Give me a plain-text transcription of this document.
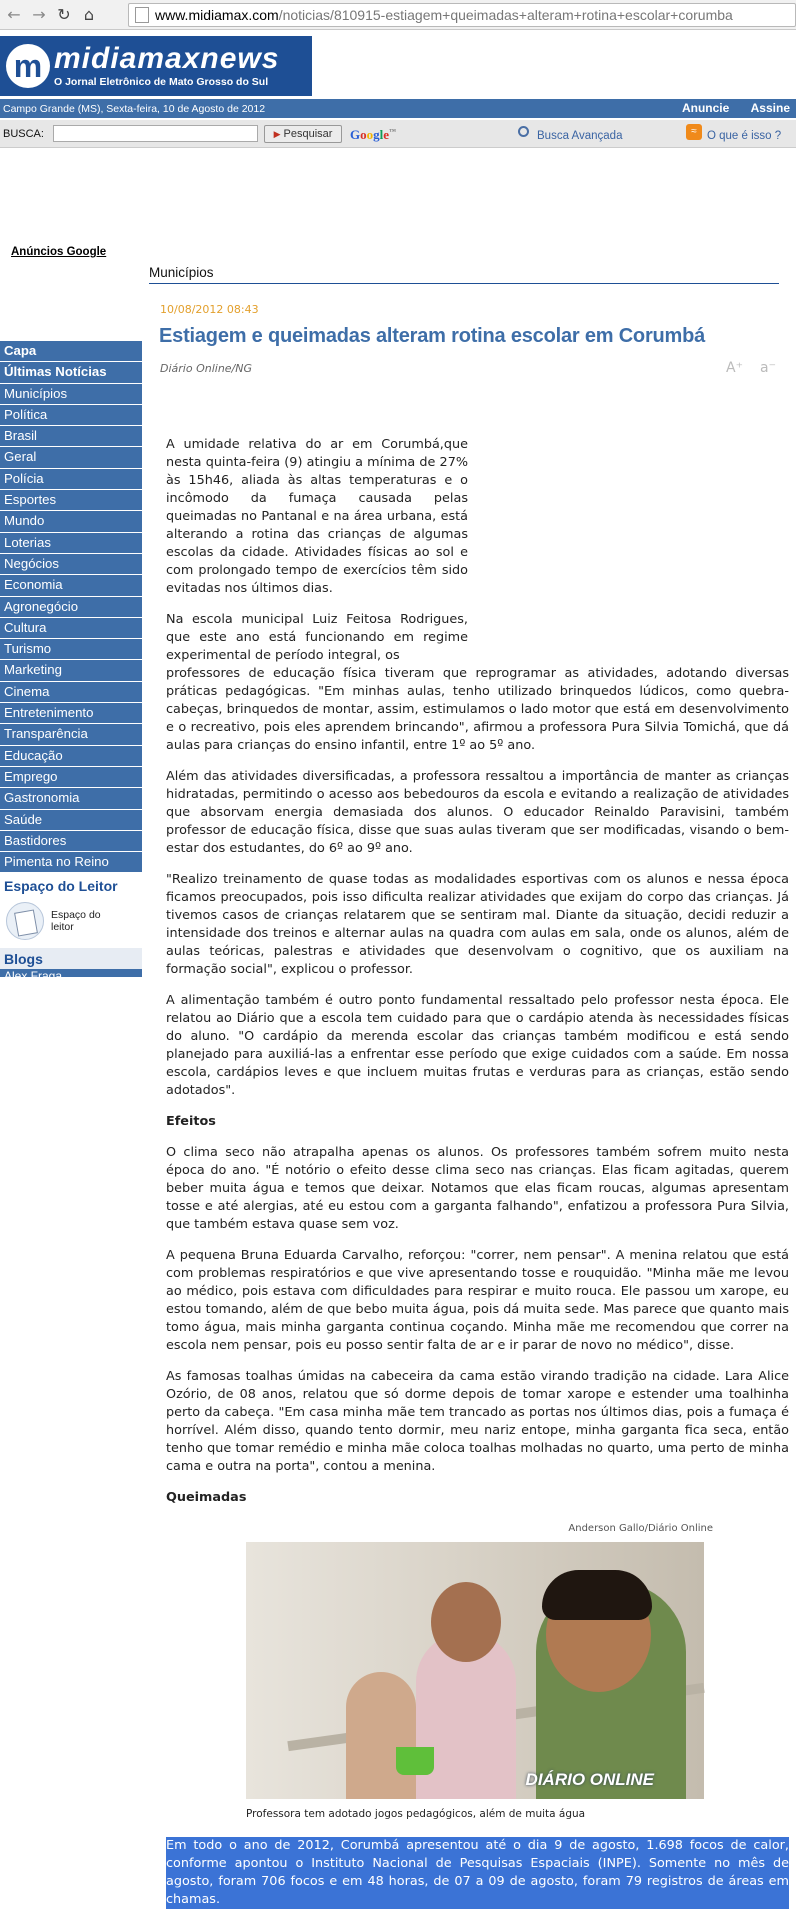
← → ↻ ⌂	www.midiamax.com /noticias/810915-estiagem+queimadas+alteram+rotina+escolar+corumba
m midiamaxnews
O Jornal Eletrônico de Mato Grosso do Sul
Campo Grande (MS), Sexta-feira, 10 de Agosto de 2012	Anuncie Assine
BUSCA:	▶ Pesquisar Google™	Busca Avançada	≈ O que é isso ?
Anúncios Google
Municípios
Capa
Últimas Notícias
Municípios
Política
Brasil
Geral
Polícia
Esportes
Mundo
Loterias
Negócios
Economia
Agronegócio
Cultura
Turismo
Marketing
Cinema
Entretenimento
Transparência
Educação
Emprego
Gastronomia
Saúde
Bastidores
Pimenta no Reino
Espaço do Leitor
Espaço do
leitor
Blogs
Alex Fraga
10/08/2012 08:43
Estiagem e queimadas alteram rotina escolar em Corumbá
Diário Online/NG	A⁺ a⁻

A umidade relativa do ar em Corumbá,que nesta quinta-feira (9) atingiu a mínima de 27% às 15h46, aliada às altas temperaturas e o incômodo da fumaça causada pelas queimadas no Pantanal e na área urbana, está alterando a rotina das crianças de algumas escolas da cidade. Atividades físicas ao sol e com prolongado tempo de exercícios têm sido evitadas nos últimos dias.

Na escola municipal Luiz Feitosa Rodrigues, que este ano está funcionando em regime experimental de período integral, os

professores de educação física tiveram que reprogramar as atividades, adotando diversas práticas pedagógicas. "Em minhas aulas, tenho utilizado brinquedos lúdicos, como quebra-cabeças, brinquedos de montar, assim, estimulamos o lado motor que está em desenvolvimento e o recreativo, pois eles aprendem brincando", afirmou a professora Pura Silvia Tomichá, que dá aulas para crianças do ensino infantil, entre 1º ao 5º ano.

Além das atividades diversificadas, a professora ressaltou a importância de manter as crianças hidratadas, permitindo o acesso aos bebedouros da escola e evitando a realização de atividades que absorvam energia demasiada dos alunos. O educador Reinaldo Paravisini, também professor de educação física, disse que suas aulas tiveram que ser modificadas, visando o bem-estar dos estudantes, do 6º ao 9º ano.

"Realizo treinamento de quase todas as modalidades esportivas com os alunos e nessa época ficamos preocupados, pois isso dificulta realizar atividades que exijam do corpo das crianças. Já tivemos casos de crianças relatarem que se sentiram mal. Diante da situação, decidi reduzir a intensidade dos treinos e alternar aulas na quadra com aulas em sala, onde os alunos, além de aulas teóricas, palestras e atividades que desenvolvam o cognitivo, que os auxiliam na formação social", explicou o professor.

A alimentação também é outro ponto fundamental ressaltado pelo professor nesta época. Ele relatou ao Diário que a escola tem cuidado para que o cardápio atenda às necessidades físicas do aluno. "O cardápio da merenda escolar das crianças também modificou e está sendo planejado para auxiliá-las a enfrentar esse período que exige cuidados com a saúde. Em nossa escola, cardápios leves e que incluem muitas frutas e verduras para as crianças, estão sendo adotados".

Efeitos

O clima seco não atrapalha apenas os alunos. Os professores também sofrem muito nesta época do ano. "É notório o efeito desse clima seco nas crianças. Elas ficam agitadas, querem beber muita água e temos que deixar. Notamos que elas ficam roucas, algumas apresentam tosse e até alergias, até eu estou com a garganta falhando", enfatizou a professora Pura Silvia, que também estava quase sem voz.

A pequena Bruna Eduarda Carvalho, reforçou: "correr, nem pensar". A menina relatou que está com problemas respiratórios e que vive apresentando tosse e rouquidão. "Minha mãe me levou ao médico, pois estava com dificuldades para respirar e muito rouca. Ele passou um xarope, eu estou tomando, além de que bebo muita água, pois dá muita sede. Mas parece que quanto mais tomo água, mais minha garganta continua coçando. Minha mãe me recomendou que correr na escola nem pensar, pois eu posso sentir falta de ar e ir parar de novo no médico", disse.

As famosas toalhas úmidas na cabeceira da cama estão virando tradição na cidade. Lara Alice Ozório, de 08 anos, relatou que só dorme depois de tomar xarope e estender uma toalhinha perto da cabeça. "Em casa minha mãe tem trancado as portas nos últimos dias, pois a fumaça é horrível. Além disso, quando tento dormir, meu nariz entope, minha garganta fica seca, então tenho que tomar remédio e minha mãe coloca toalhas molhadas no quarto, uma perto de minha cama e outra na porta", contou a menina.

Queimadas
Anderson Gallo/Diário Online
DIÁRIO ONLINE
Professora tem adotado jogos pedagógicos, além de muita água

Em todo o ano de 2012, Corumbá apresentou até o dia 9 de agosto, 1.698 focos de calor, conforme apontou o Instituto Nacional de Pesquisas Espaciais (INPE). Somente no mês de agosto, foram 706 focos e em 48 horas, de 07 a 09 de agosto, foram 79 registros de áreas em chamas.
